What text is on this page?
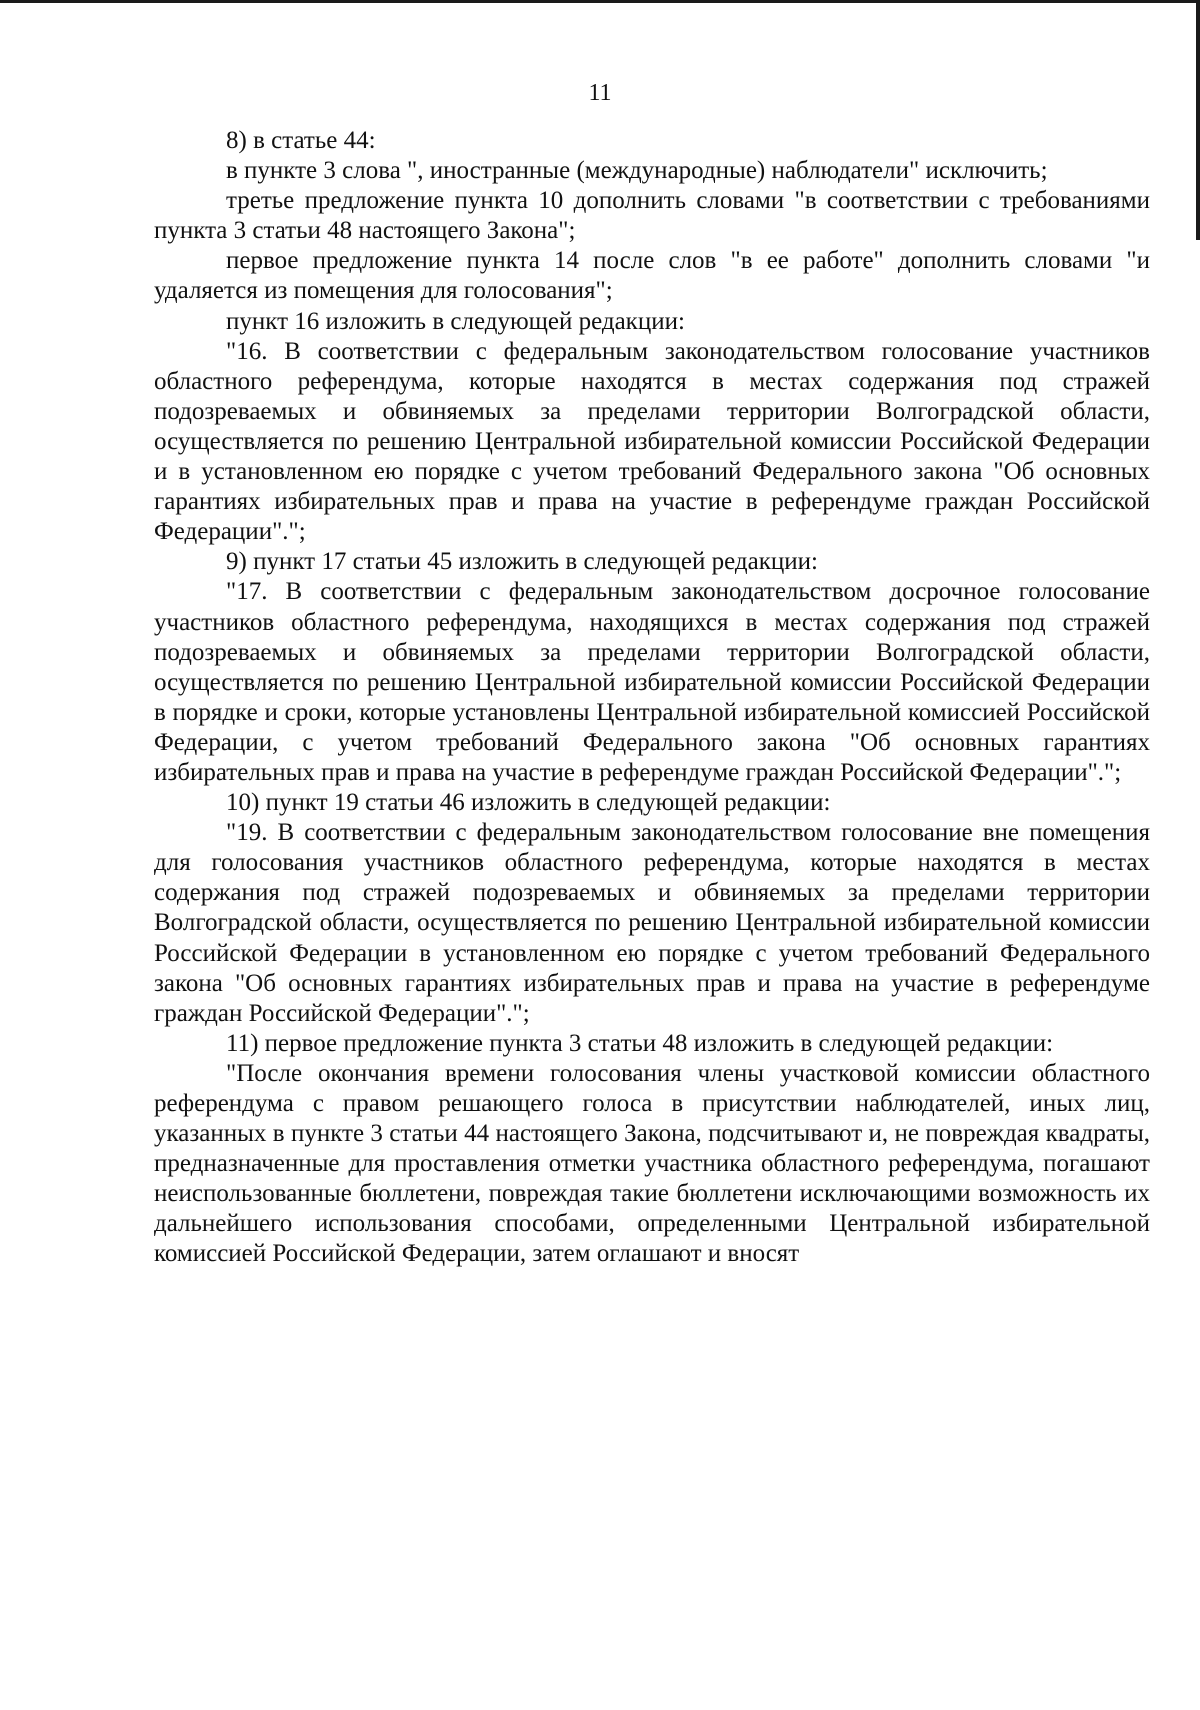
11

8) в статье 44:

в пункте 3 слова ", иностранные (международные) наблюдатели" исключить;

третье предложение пункта 10 дополнить словами "в соответствии с требованиями пункта 3 статьи 48 настоящего Закона";

первое предложение пункта 14 после слов "в ее работе" дополнить словами "и удаляется из помещения для голосования";

пункт 16 изложить в следующей редакции:

"16. В соответствии с федеральным законодательством голосование участников областного референдума, которые находятся в местах содержания под стражей подозреваемых и обвиняемых за пределами территории Волгоградской области, осуществляется по решению Центральной избирательной комиссии Российской Федерации и в установленном ею порядке с учетом требований Федерального закона "Об основных гарантиях избирательных прав и права на участие в референдуме граждан Российской Федерации".";

9) пункт 17 статьи 45 изложить в следующей редакции:

"17. В соответствии с федеральным законодательством досрочное голосование участников областного референдума, находящихся в местах содержания под стражей подозреваемых и обвиняемых за пределами территории Волгоградской области, осуществляется по решению Центральной избирательной комиссии Российской Федерации в порядке и сроки, которые установлены Центральной избирательной комиссией Российской Федерации, с учетом требований Федерального закона "Об основных гарантиях избирательных прав и права на участие в референдуме граждан Российской Федерации".";

10) пункт 19 статьи 46 изложить в следующей редакции:

"19. В соответствии с федеральным законодательством голосование вне помещения для голосования участников областного референдума, которые находятся в местах содержания под стражей подозреваемых и обвиняемых за пределами территории Волгоградской области, осуществляется по решению Центральной избирательной комиссии Российской Федерации в установленном ею порядке с учетом требований Федерального закона "Об основных гарантиях избирательных прав и права на участие в референдуме граждан Российской Федерации".";

11) первое предложение пункта 3 статьи 48 изложить в следующей редакции:

"После окончания времени голосования члены участковой комиссии областного референдума с правом решающего голоса в присутствии наблюдателей, иных лиц, указанных в пункте 3 статьи 44 настоящего Закона, подсчитывают и, не повреждая квадраты, предназначенные для проставления отметки участника областного референдума, погашают неиспользованные бюллетени, повреждая такие бюллетени исключающими возможность их дальнейшего использования способами, определенными Центральной избирательной комиссией Российской Федерации, затем оглашают и вносят
